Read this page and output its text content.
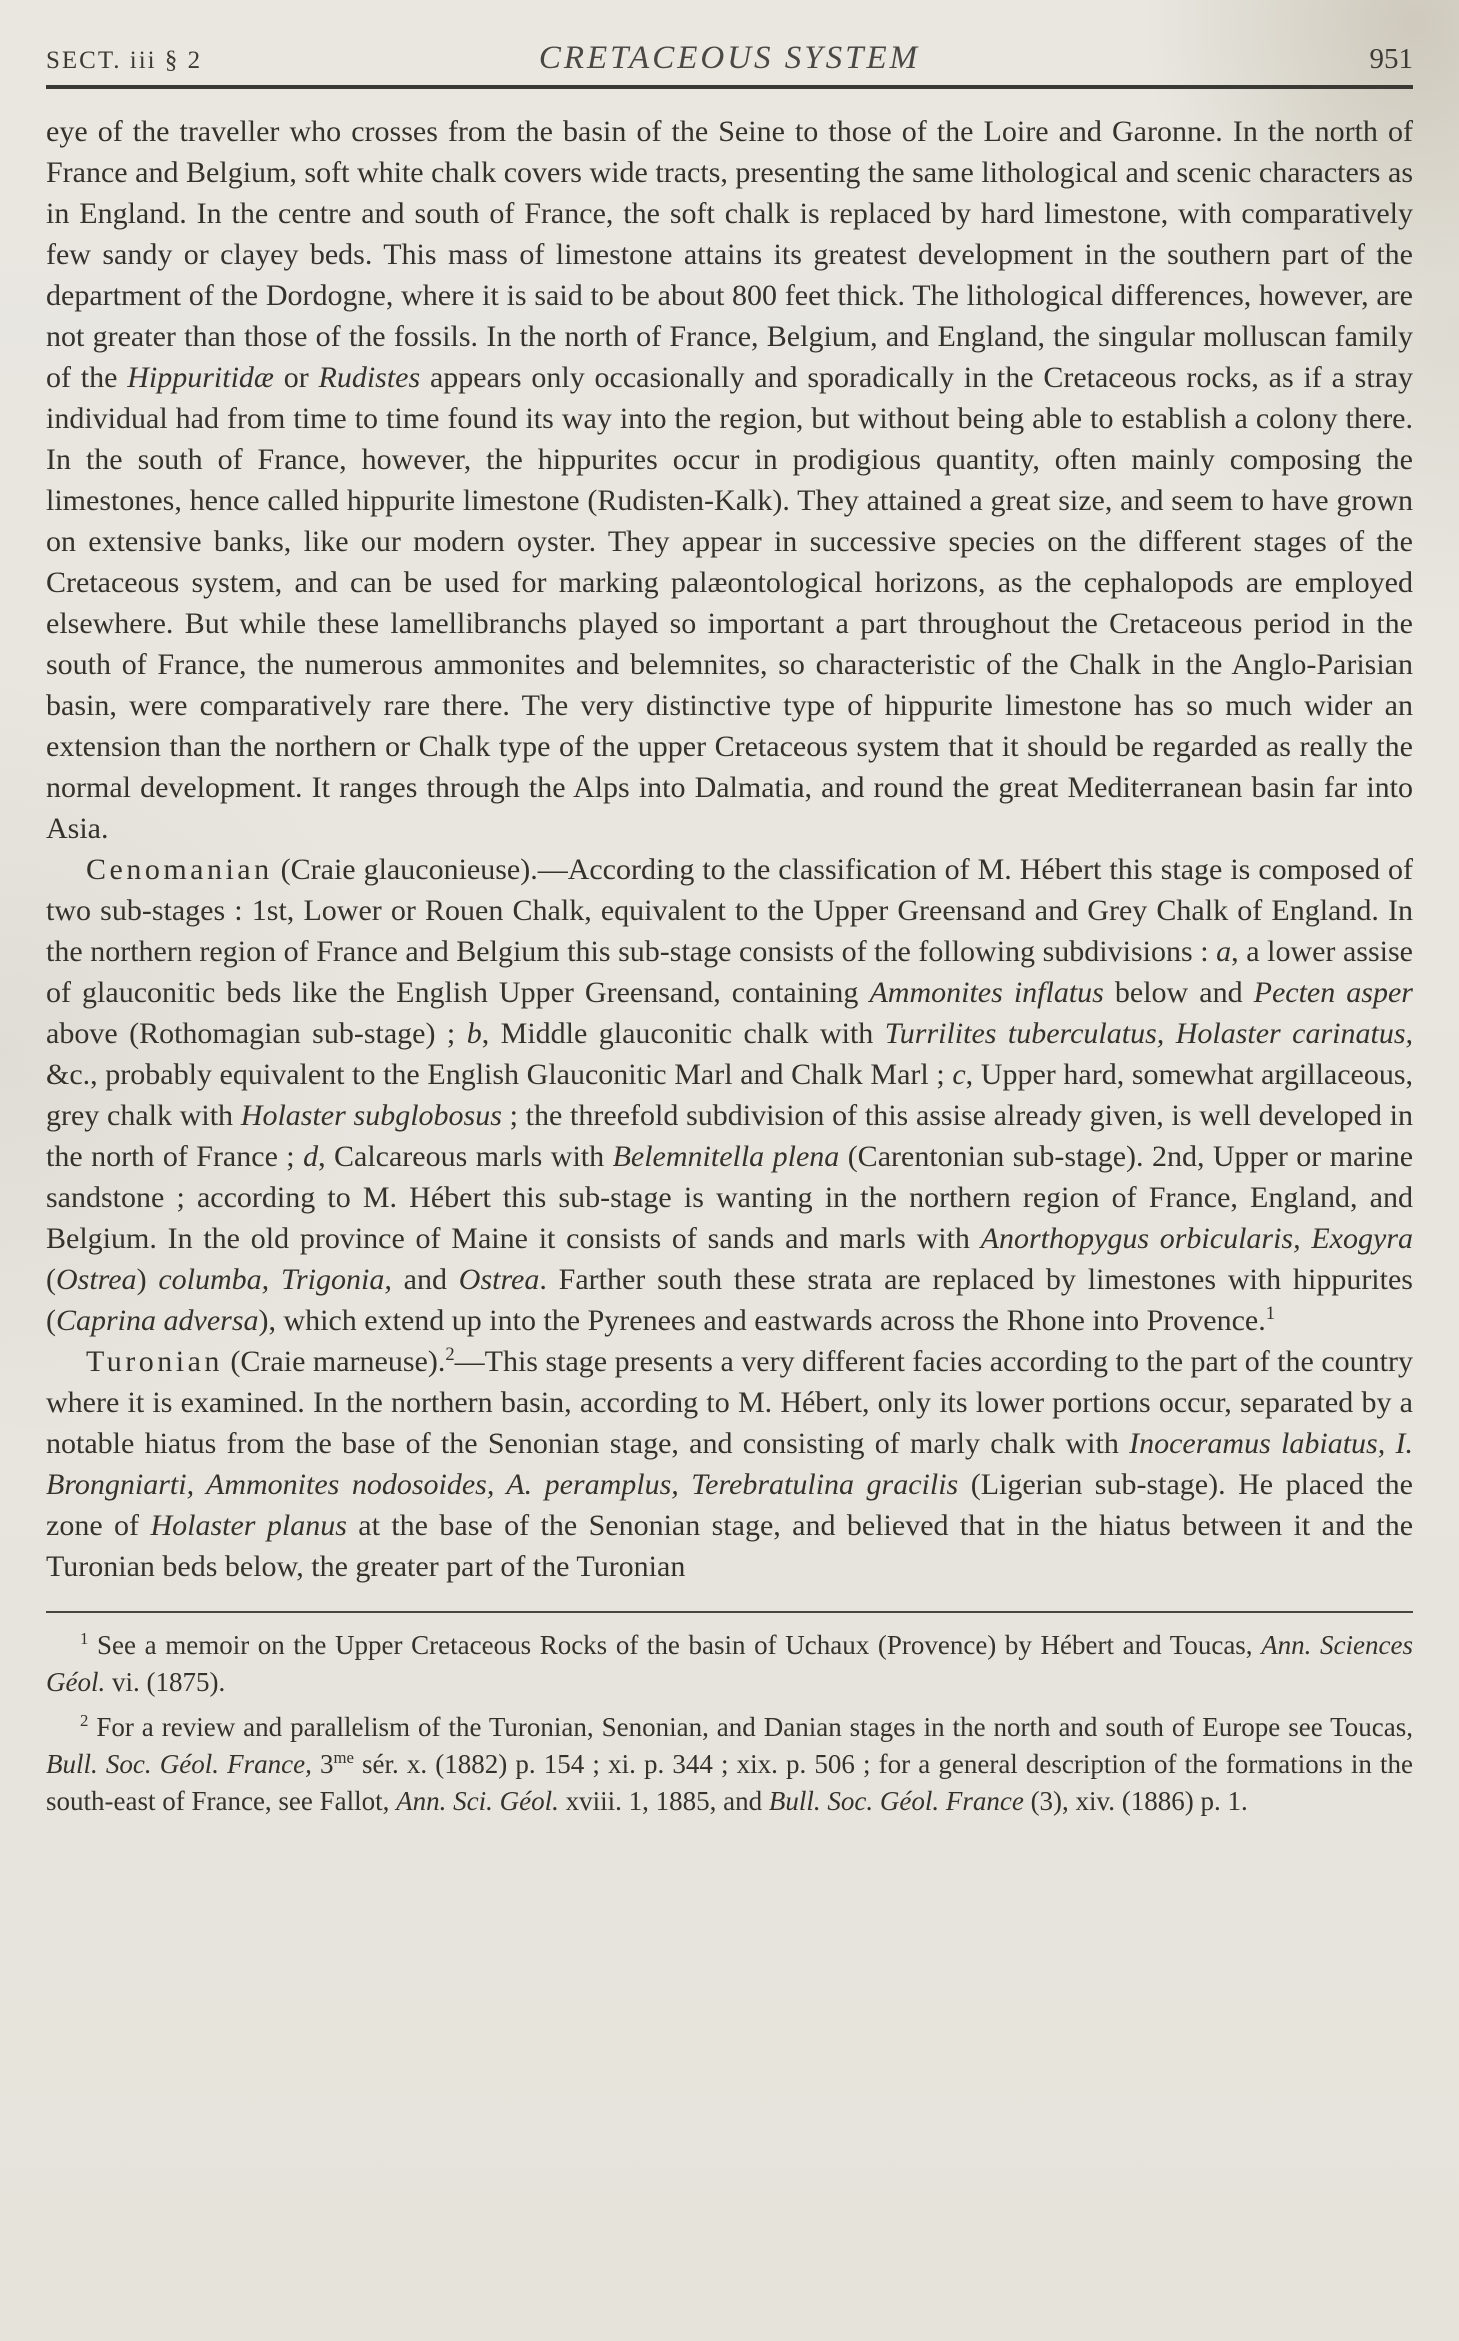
SECT. iii § 2	CRETACEOUS SYSTEM	951

eye of the traveller who crosses from the basin of the Seine to those of the Loire and Garonne. In the north of France and Belgium, soft white chalk covers wide tracts, presenting the same lithological and scenic characters as in England. In the centre and south of France, the soft chalk is replaced by hard limestone, with comparatively few sandy or clayey beds. This mass of limestone attains its greatest development in the southern part of the department of the Dordogne, where it is said to be about 800 feet thick. The lithological differences, however, are not greater than those of the fossils. In the north of France, Belgium, and England, the singular molluscan family of the Hippuritidæ or Rudistes appears only occasionally and sporadically in the Cretaceous rocks, as if a stray individual had from time to time found its way into the region, but without being able to establish a colony there. In the south of France, however, the hippurites occur in prodigious quantity, often mainly composing the limestones, hence called hippurite limestone (Rudisten-Kalk). They attained a great size, and seem to have grown on extensive banks, like our modern oyster. They appear in successive species on the different stages of the Cretaceous system, and can be used for marking palæontological horizons, as the cephalopods are employed elsewhere. But while these lamellibranchs played so important a part throughout the Cretaceous period in the south of France, the numerous ammonites and belemnites, so characteristic of the Chalk in the Anglo-Parisian basin, were comparatively rare there. The very distinctive type of hippurite limestone has so much wider an extension than the northern or Chalk type of the upper Cretaceous system that it should be regarded as really the normal development. It ranges through the Alps into Dalmatia, and round the great Mediterranean basin far into Asia.

Cenomanian (Craie glauconieuse).—According to the classification of M. Hébert this stage is composed of two sub-stages : 1st, Lower or Rouen Chalk, equivalent to the Upper Greensand and Grey Chalk of England. In the northern region of France and Belgium this sub-stage consists of the following subdivisions : a, a lower assise of glauconitic beds like the English Upper Greensand, containing Ammonites inflatus below and Pecten asper above (Rothomagian sub-stage) ; b, Middle glauconitic chalk with Turrilites tuberculatus, Holaster carinatus, &c., probably equivalent to the English Glauconitic Marl and Chalk Marl ; c, Upper hard, somewhat argillaceous, grey chalk with Holaster subglobosus ; the threefold subdivision of this assise already given, is well developed in the north of France ; d, Calcareous marls with Belemnitella plena (Carentonian sub-stage). 2nd, Upper or marine sandstone ; according to M. Hébert this sub-stage is wanting in the northern region of France, England, and Belgium. In the old province of Maine it consists of sands and marls with Anorthopygus orbicularis, Exogyra (Ostrea) columba, Trigonia, and Ostrea. Farther south these strata are replaced by limestones with hippurites (Caprina adversa), which extend up into the Pyrenees and eastwards across the Rhone into Provence.$^1$

Turonian (Craie marneuse).$^2$—This stage presents a very different facies according to the part of the country where it is examined. In the northern basin, according to M. Hébert, only its lower portions occur, separated by a notable hiatus from the base of the Senonian stage, and consisting of marly chalk with Inoceramus labiatus, I. Brongniarti, Ammonites nodosoides, A. peramplus, Terebratulina gracilis (Ligerian sub-stage). He placed the zone of Holaster planus at the base of the Senonian stage, and believed that in the hiatus between it and the Turonian beds below, the greater part of the Turonian

$^1$ See a memoir on the Upper Cretaceous Rocks of the basin of Uchaux (Provence) by Hébert and Toucas, Ann. Sciences Géol. vi. (1875).

$^2$ For a review and parallelism of the Turonian, Senonian, and Danian stages in the north and south of Europe see Toucas, Bull. Soc. Géol. France, $3^{me}$ sér. x. (1882) p. 154 ; xi. p. 344 ; xix. p. 506 ; for a general description of the formations in the south-east of France, see Fallot, Ann. Sci. Géol. xviii. 1, 1885, and Bull. Soc. Géol. France (3), xiv. (1886) p. 1.
